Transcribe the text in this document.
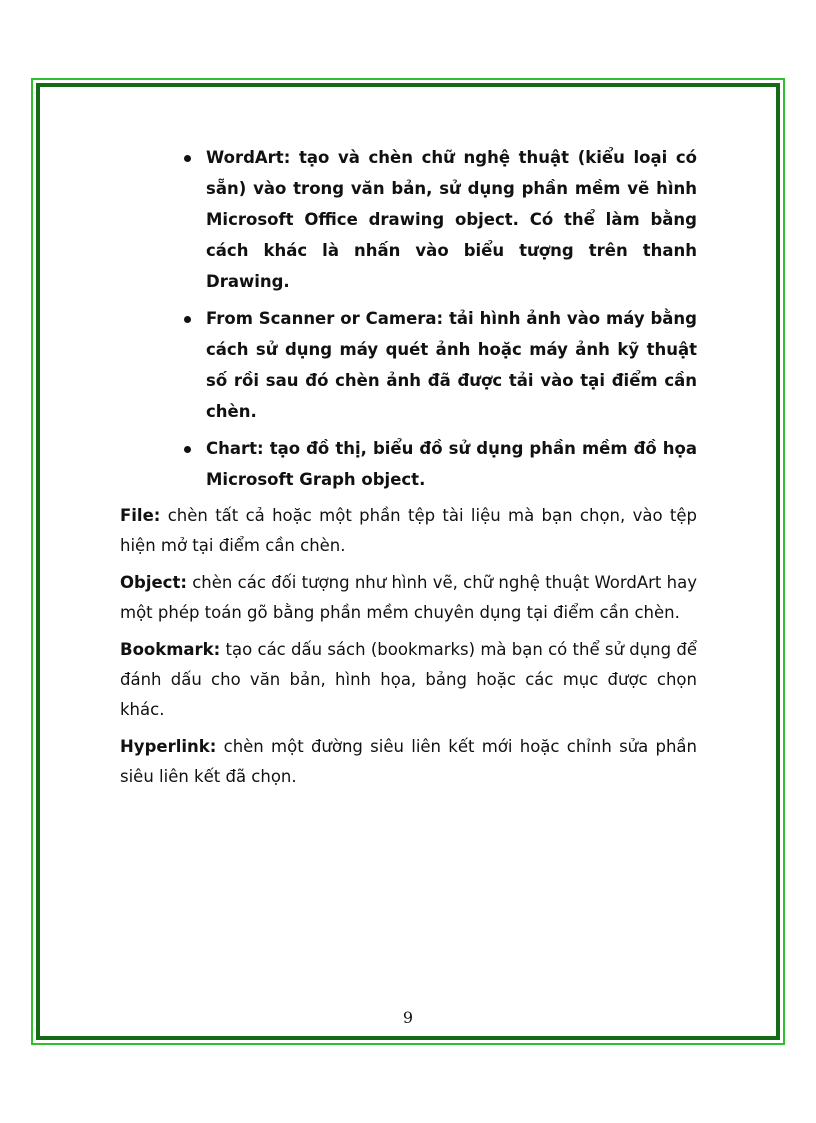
WordArt: tạo và chèn chữ nghệ thuật (kiểu loại có sẵn) vào trong văn bản, sử dụng phần mềm vẽ hình Microsoft Office drawing object. Có thể làm bằng cách khác là nhấn vào biểu tượng trên thanh Drawing.
From Scanner or Camera: tải hình ảnh vào máy bằng cách sử dụng máy quét ảnh hoặc máy ảnh kỹ thuật số rồi sau đó chèn ảnh đã được tải vào tại điểm cần chèn.
Chart: tạo đồ thị, biểu đồ sử dụng phần mềm đồ họa Microsoft Graph object.

File: chèn tất cả hoặc một phần tệp tài liệu mà bạn chọn, vào tệp hiện mở tại điểm cần chèn.

Object: chèn các đối tượng như hình vẽ, chữ nghệ thuật WordArt hay một phép toán gõ bằng phần mềm chuyên dụng tại điểm cần chèn.

Bookmark: tạo các dấu sách (bookmarks) mà bạn có thể sử dụng để đánh dấu cho văn bản, hình họa, bảng hoặc các mục được chọn khác.

Hyperlink: chèn một đường siêu liên kết mới hoặc chỉnh sửa phần siêu liên kết đã chọn.

9
